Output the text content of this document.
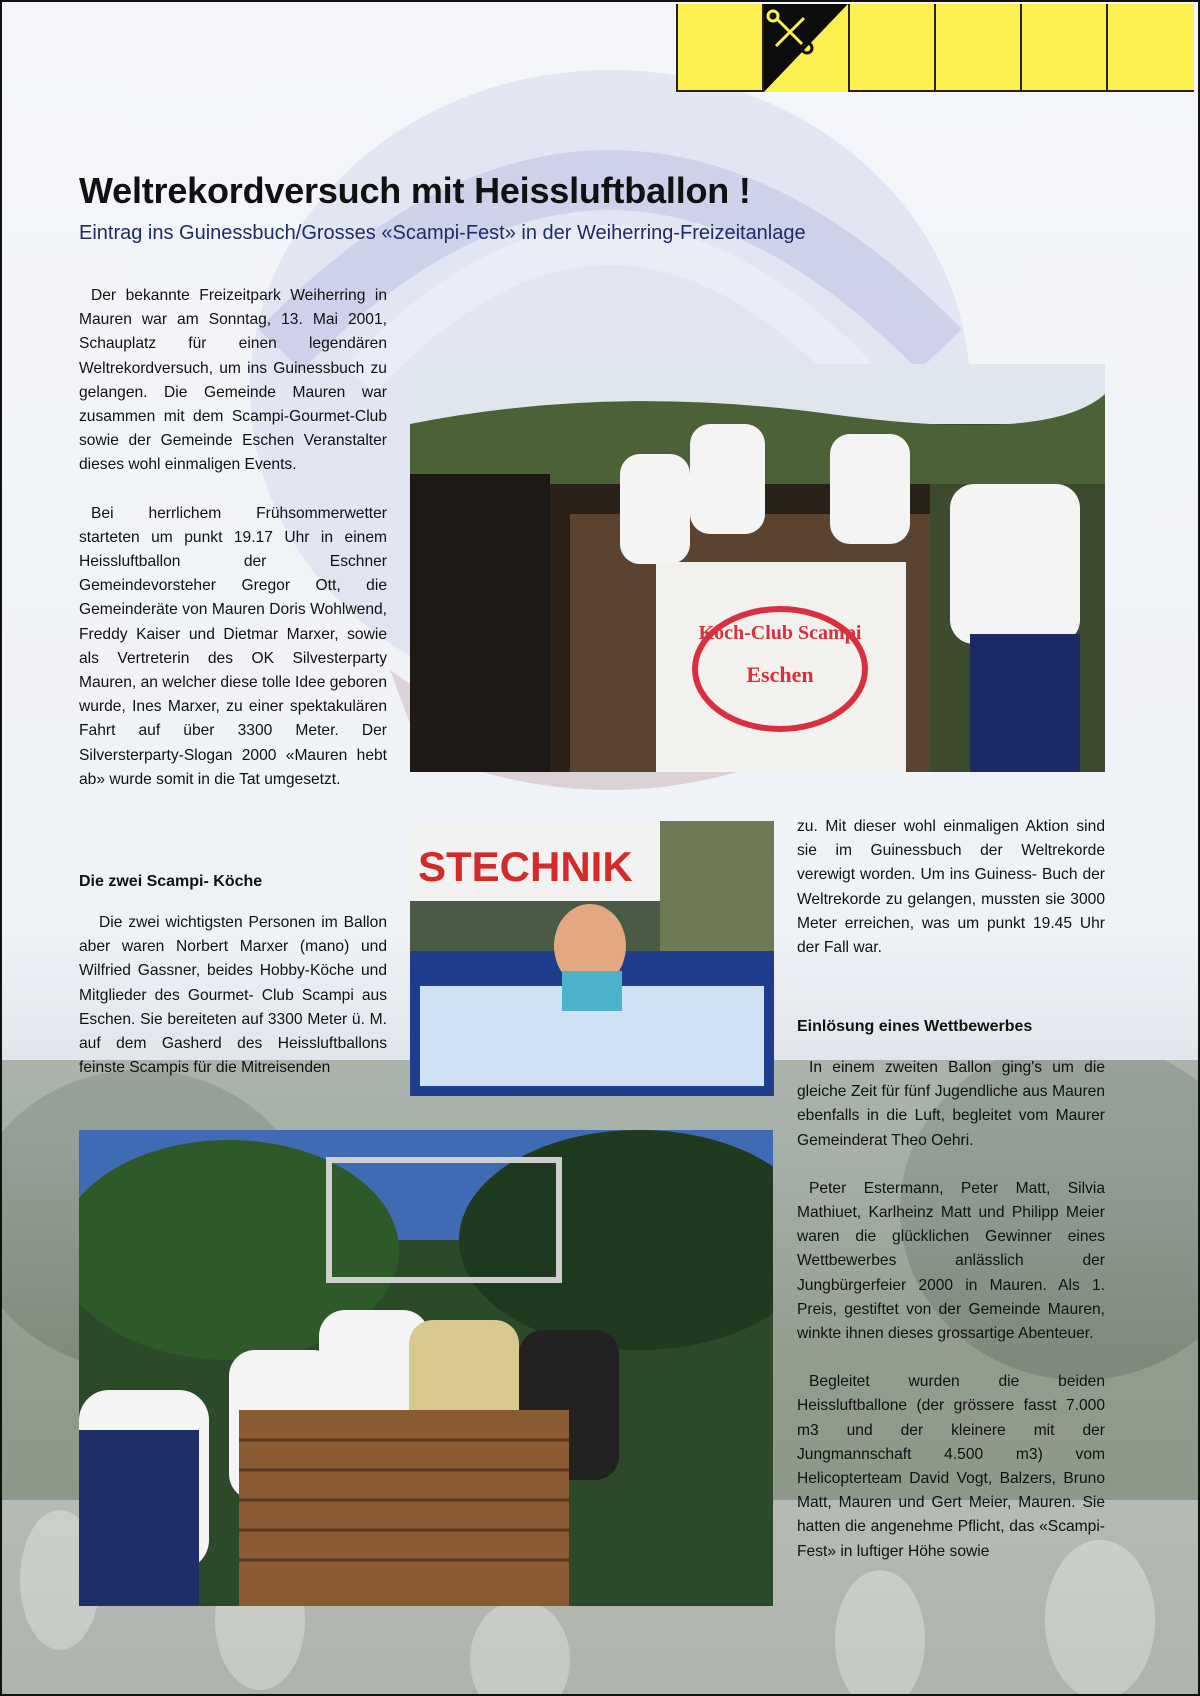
Weltrekordversuch mit Heissluftballon !

Eintrag ins Guinessbuch/Grosses «Scampi-Fest» in der Weiherring-Freizeitanlage

Der bekannte Freizeitpark Weiherring in Mauren war am Sonntag, 13. Mai 2001, Schauplatz für einen legendären Weltrekordversuch, um ins Guinessbuch zu gelangen. Die Gemeinde Mauren war zusammen mit dem Scampi-Gourmet-Club sowie der Gemeinde Eschen Veranstalter dieses wohl einmaligen Events.

Bei herrlichem Frühsommerwetter starteten um punkt 19.17 Uhr in einem Heissluftballon der Eschner Gemeindevorsteher Gregor Ott, die Gemeinderäte von Mauren Doris Wohlwend, Freddy Kaiser und Dietmar Marxer, sowie als Vertreterin des OK Silvesterparty Mauren, an welcher diese tolle Idee geboren wurde, Ines Marxer, zu einer spektakulären Fahrt auf über 3300 Meter. Der Silversterparty-Slogan 2000 «Mauren hebt ab» wurde somit in die Tat umgesetzt.

Die zwei Scampi- Köche

Die zwei wichtigsten Personen im Ballon aber waren Norbert Marxer (mano) und Wilfried Gassner, beides Hobby-Köche und Mitglieder des Gourmet- Club Scampi aus Eschen. Sie bereiteten auf 3300 Meter ü. M. auf dem Gasherd des Heissluftballons feinste Scampis für die Mitreisenden

Koch-Club Scampi
Eschen
STECHNIK

zu. Mit dieser wohl einmaligen Aktion sind sie im Guinessbuch der Weltrekorde verewigt worden. Um ins Guiness- Buch der Weltrekorde zu gelangen, mussten sie 3000 Meter erreichen, was um punkt 19.45 Uhr der Fall war.

Einlösung eines Wettbewerbes

In einem zweiten Ballon ging's um die gleiche Zeit für fünf Jugendliche aus Mauren ebenfalls in die Luft, begleitet vom Maurer Gemeinderat Theo Oehri.

Peter Estermann, Peter Matt, Silvia Mathiuet, Karlheinz Matt und Philipp Meier waren die glücklichen Gewinner eines Wettbewerbes anlässlich der Jungbürgerfeier 2000 in Mauren. Als 1. Preis, gestiftet von der Gemeinde Mauren, winkte ihnen dieses grossartige Abenteuer.

Begleitet wurden die beiden Heissluftballone (der grössere fasst 7.000 m3 und der kleinere mit der Jungmannschaft 4.500 m3) vom Helicopterteam David Vogt, Balzers, Bruno Matt, Mauren und Gert Meier, Mauren. Sie hatten die angenehme Pflicht, das «Scampi-Fest» in luftiger Höhe sowie
